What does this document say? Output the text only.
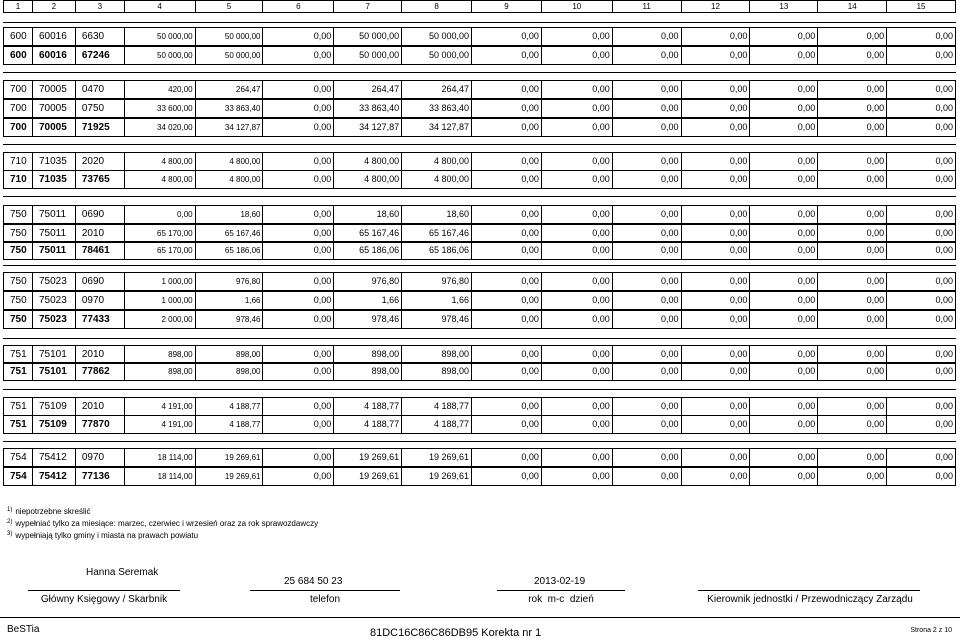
1	2	3	4	5	6	7	8	9	10	11	12	13	14	15
600	60016	6630	50 000,00	50 000,00	0,00	50 000,00	50 000,00	0,00	0,00	0,00	0,00	0,00	0,00	0,00
600	60016	67246	50 000,00	50 000,00	0,00	50 000,00	50 000,00	0,00	0,00	0,00	0,00	0,00	0,00	0,00
700	70005	0470	420,00	264,47	0,00	264,47	264,47	0,00	0,00	0,00	0,00	0,00	0,00	0,00
700	70005	0750	33 600,00	33 863,40	0,00	33 863,40	33 863,40	0,00	0,00	0,00	0,00	0,00	0,00	0,00
700	70005	71925	34 020,00	34 127,87	0,00	34 127,87	34 127,87	0,00	0,00	0,00	0,00	0,00	0,00	0,00
710	71035	2020	4 800,00	4 800,00	0,00	4 800,00	4 800,00	0,00	0,00	0,00	0,00	0,00	0,00	0,00
710	71035	73765	4 800,00	4 800,00	0,00	4 800,00	4 800,00	0,00	0,00	0,00	0,00	0,00	0,00	0,00
750	75011	0690	0,00	18,60	0,00	18,60	18,60	0,00	0,00	0,00	0,00	0,00	0,00	0,00
750	75011	2010	65 170,00	65 167,46	0,00	65 167,46	65 167,46	0,00	0,00	0,00	0,00	0,00	0,00	0,00
750	75011	78461	65 170,00	65 186,06	0,00	65 186,06	65 186,06	0,00	0,00	0,00	0,00	0,00	0,00	0,00
750	75023	0690	1 000,00	976,80	0,00	976,80	976,80	0,00	0,00	0,00	0,00	0,00	0,00	0,00
750	75023	0970	1 000,00	1,66	0,00	1,66	1,66	0,00	0,00	0,00	0,00	0,00	0,00	0,00
750	75023	77433	2 000,00	978,46	0,00	978,46	978,46	0,00	0,00	0,00	0,00	0,00	0,00	0,00
751	75101	2010	898,00	898,00	0,00	898,00	898,00	0,00	0,00	0,00	0,00	0,00	0,00	0,00
751	75101	77862	898,00	898,00	0,00	898,00	898,00	0,00	0,00	0,00	0,00	0,00	0,00	0,00
751	75109	2010	4 191,00	4 188,77	0,00	4 188,77	4 188,77	0,00	0,00	0,00	0,00	0,00	0,00	0,00
751	75109	77870	4 191,00	4 188,77	0,00	4 188,77	4 188,77	0,00	0,00	0,00	0,00	0,00	0,00	0,00
754	75412	0970	18 114,00	19 269,61	0,00	19 269,61	19 269,61	0,00	0,00	0,00	0,00	0,00	0,00	0,00
754	75412	77136	18 114,00	19 269,61	0,00	19 269,61	19 269,61	0,00	0,00	0,00	0,00	0,00	0,00	0,00
$^{1)}$ niepotrzebne skreślić
$^{2)}$ wypełniać tylko za miesiące: marzec, czerwiec i wrzesień oraz za rok sprawozdawczy
$^{3)}$ wypełniają tylko gminy i miasta na prawach powiatu
Hanna Seremak
25 684 50 23	2013-02-19
Główny Księgowy / Skarbnik	telefon	rok  m-c  dzień	Kierownik jednostki / Przewodniczący Zarządu
BeSTia	81DC16C86C86DB95 Korekta nr 1	Strona 2 z 10
